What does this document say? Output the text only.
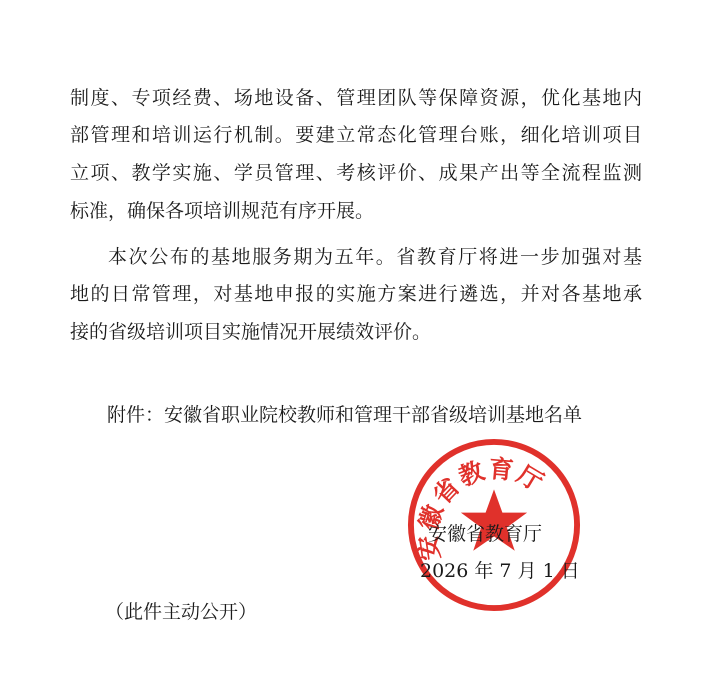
制度、专项经费、场地设备、管理团队等保障资源，优化基地内
部管理和培训运行机制。要建立常态化管理台账，细化培训项目
立项、教学实施、学员管理、考核评价、成果产出等全流程监测
标准，确保各项培训规范有序开展。
本次公布的基地服务期为五年。省教育厅将进一步加强对基
地的日常管理，对基地申报的实施方案进行遴选，并对各基地承
接的省级培训项目实施情况开展绩效评价。
附件：安徽省职业院校教师和管理干部省级培训基地名单
安徽省教育厅
安徽省教育厅
2026 年 7 月 1 日
（此件主动公开）
